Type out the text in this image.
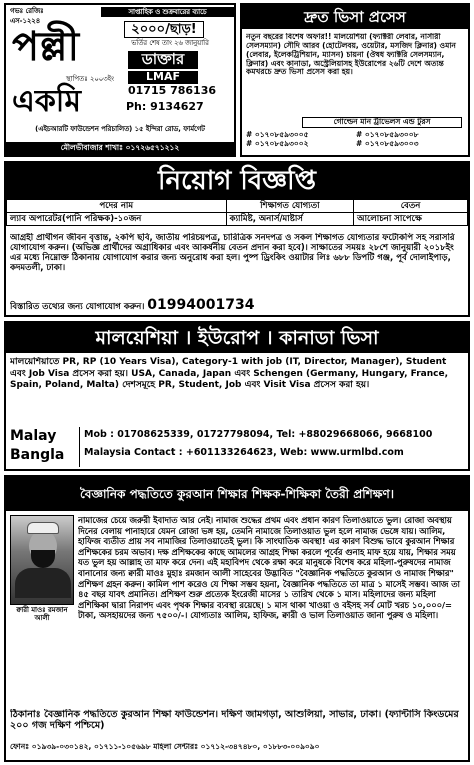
গভঃ রেজিঃ
এস-১২২৪
পল্লী
স্থাপিতঃ ২০০৩ইং
সাপ্তাহিক ও শুক্রবারের ব্যাচে
২০০০/ছাড়!
ভর্তির শেষ তাং ২৬ জানুয়ারি
ডাক্তার
LMAF
01715 786136
একমি	Ph: 9134627
(এইচআরটি ফাউন্ডেশন পরিচালিত) ১৫ ইন্দিরা রোড, ফার্মগেট
মৌলভীবাজার শাখাঃ ০১৭২৬৫৭১২১২
দ্রুত ভিসা প্রসেস
নতুন বছরের বিশেষ অফার!! মালয়েশিয়া (ফ্যাক্টরী লেবার, নার্সারী সেলসম্যান) সৌদি আরব (হোটেলবয়, ওয়েটার, মসজিদ ক্লিনার) ওমান (লেবার, ইলেকট্রিশিয়ান, ম্যাসন) চায়না (ঔষধ ফ্যাক্টরি সেলসম্যান, ক্লিনার) এবং কানাডা, অস্ট্রেলিয়াসহ ইউরোপের ২৬টি দেশে অত্যন্ত কমখরচে দ্রুত ভিসা প্রসেস করা হয়।
গোল্ডেন মান ট্রাভেলস এন্ড টুরস
# ০১৭০৮৫৯৩০০৫	# ০১৭০৮৫৯৩০০৮
# ০১৭০৮৫৯৩০০২	# ০১৭০৮৫৯৩০০৩
নিয়োগ বিজ্ঞপ্তি
পদের নাম	শিক্ষাগত যোগ্যতা	বেতন
ল্যাব অপারেটর(পানি পরিক্ষক)-১০জন	ক্যামিষ্ট, অনার্স/মাষ্টার্স	আলোচনা সাপেক্ষে
আগ্রহী প্রার্থীগন জীবন বৃত্তান্ত, ২কপি ছবি, জাতীয় পরিচয়পত্র, চারিত্রিক সনদপত্র ও সকল শিক্ষাগত যোগ্যতার ফটোকপি সহ সরাসরি যোগাযোগ করুন। (অভিজ্ঞ প্রার্থীদের অগ্রাধিকার এবং আকর্ষনীয় বেতন প্রদান করা হবে)। সাক্ষাতের সময়ঃ ২৮শে জানুয়ারী ২০১৮ইং এর মধ্যে নিম্নোক্ত ঠিকানায় যোগাযোগ করার জন্য অনুরোধ করা হল। পুষ্প ড্রিংকিং ওয়াটার লিঃ ৬৮৮ ডিপটি গঞ্জ, পূর্ব দোলাইপাড়, কদমতলী, ঢাকা।
বিস্তারিত তথ্যের জন্য যোগাযোগ করুন। 01994001734
মালয়েশিয়া । ইউরোপ । কানাডা ভিসা
মালয়েশিয়াতে PR, RP (10 Years Visa), Category-1 with job (IT, Director, Manager), Student এবং Job Visa প্রসেস করা হয়। USA, Canada, Japan এবং Schengen (Germany, Hungary, France, Spain, Poland, Malta) দেশসমূহে PR, Student, Job এবং Visit Visa প্রসেস করা হয়।
Malay
Bangla
Mob : 01708625339, 01727798094, Tel: +88029668066, 9668100
Malaysia Contact : +601133264623, Web: www.urmlbd.com
বৈজ্ঞানিক পদ্ধতিতে কুরআন শিক্ষার শিক্ষক-শিক্ষিকা তৈরী প্রশিক্ষণ।
ক্বারী মাওঃ রমজান আলী
নামাজের চেয়ে জরুরী ইবাদাত আর নেই। নামাজ শুদ্ধের প্রথম এবং প্রধান কারণ তিলাওয়াতে ভুল। রোজা অবস্থায় দিনের বেলায় পানাহারে যেমন রোজা ভঙ্গ হয়, তেমনি নামাজে তিলাওয়াত ভুল হলে নামাজ ভেঙ্গে যায়। আলিম, হাফিজ ব্যতীত প্রায় সব নামাজির তিলাওয়াতেই ভুল। কি সাংঘাতিক অবস্থা! এর কারণ বিশুদ্ধ ভাবে কুরআন শিক্ষার প্রশিক্ষকের চরম অভাব। দক্ষ প্রশিক্ষকের কাছে আমলের আগ্রহ শিক্ষা করলে পূর্বের গুনাহ মাফ হয়ে যায়, শিক্ষার সময় যত ভুল হয় আল্লাহ তা মাফ করে দেন। এই মহাবিপদ থেকে রক্ষা করে মানুষকে বিশেষ করে মহিলা-পুরুষদের নামাজ বানানোর জন্য ক্বারী মাওঃ মুহাঃ রমজান আলী সাহেবের উদ্ভাবিত "বৈজ্ঞানিক পদ্ধতিতে কুরআন ও নামাজ শিক্ষার" প্রশিক্ষণ গ্রহন করুন। কামিল পাশ করেও যে শিক্ষা সম্ভব হয়না, বৈজ্ঞানিক পদ্ধতিতে তা মাত্র ১ মাসেই সম্ভব। আজ তা ৪৫ বছর যাবৎ প্রমানিত। প্রশিক্ষণ শুরু প্রত্যেক ইংরেজী মাসের ১ তারিখ থেকে ১ মাস। মহিলাদের জন্য মহিলা প্রশিক্ষিকা দ্বারা নিরাপদ এবং পৃথক শিক্ষার ব্যবস্থা রয়েছে। ১ মাস থাকা খাওয়া ও বইসহ সর্ব মোট খরচ ১০,০০০/= টাকা, অসহায়দের জন্য ৭৫০০/-। যোগ্যতাঃ আলিম, হাফিজ, ক্বারী ও ভাল তিলাওয়াত জানা পুরুষ ও মহিলা।
ঠিকানাঃ বৈজ্ঞানিক পদ্ধতিতে কুরআন শিক্ষা ফাউন্ডেশন। দক্ষিণ জামগড়া, আশুলিয়া, সাভার, ঢাকা। (ফ্যান্টাসি কিংডমের ২০০ গজ দক্ষিণ পশ্চিমে)
ফোনঃ ০১৯৩৯-০৩০১৪২, ০১৭১১-১০৫৬৯৮ মহিলা সেন্টারঃ ০১৭১২-৩৪৭৪৮০, ০১৮৮৩-০০৯০৯০
